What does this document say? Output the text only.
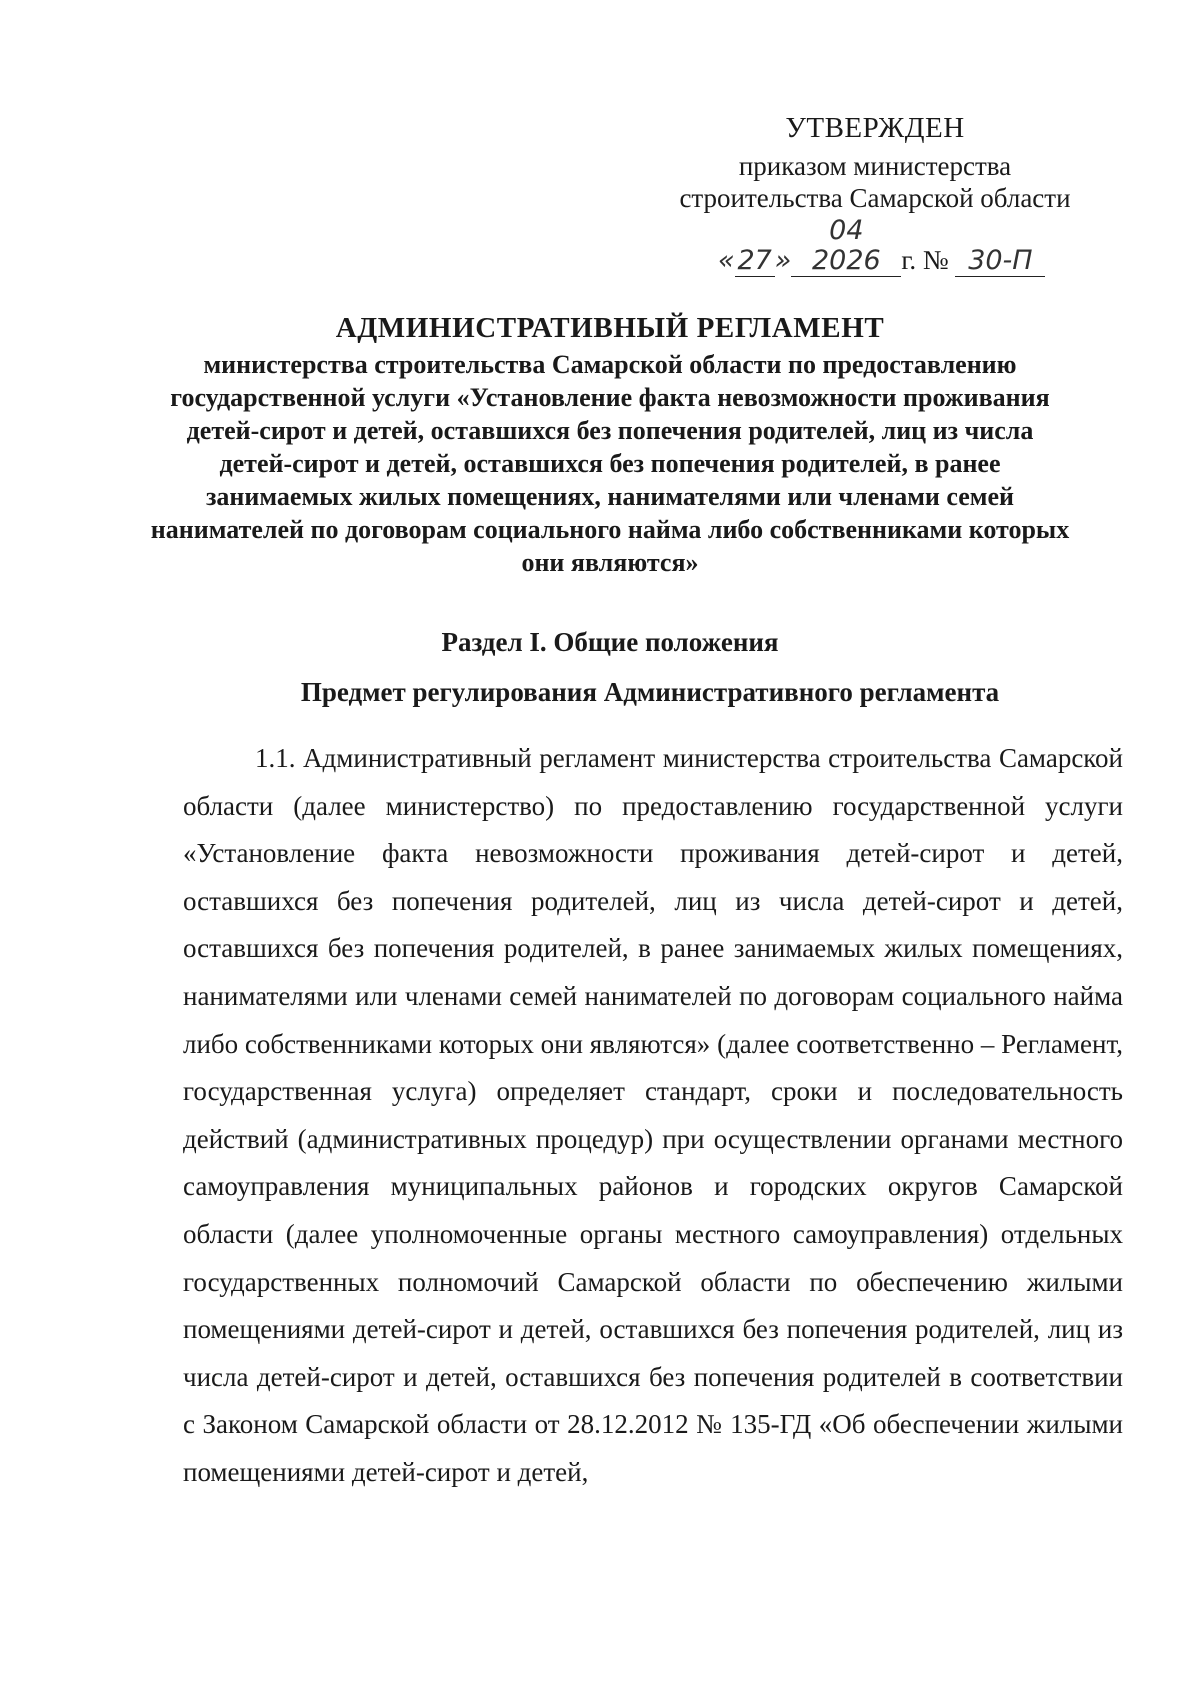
УТВЕРЖДЕН
приказом министерства
строительства Самарской области
« 27 »04 2026 г. № 30-П
АДМИНИСТРАТИВНЫЙ РЕГЛАМЕНТ
министерства строительства Самарской области по предоставлению государственной услуги «Установление факта невозможности проживания детей-сирот и детей, оставшихся без попечения родителей, лиц из числа детей-сирот и детей, оставшихся без попечения родителей, в ранее занимаемых жилых помещениях, нанимателями или членами семей нанимателей по договорам социального найма либо собственниками которых они являются»
Раздел I. Общие положения
Предмет регулирования Административного регламента
1.1. Административный регламент министерства строительства Самарской области (далее министерство) по предоставлению государственной услуги «Установление факта невозможности проживания детей-сирот и детей, оставшихся без попечения родителей, лиц из числа детей-сирот и детей, оставшихся без попечения родителей, в ранее занимаемых жилых помещениях, нанимателями или членами семей нанимателей по договорам социального найма либо собственниками которых они являются» (далее соответственно – Регламент, государственная услуга) определяет стандарт, сроки и последовательность действий (административных процедур) при осуществлении органами местного самоуправления муниципальных районов и городских округов Самарской области (далее уполномоченные органы местного самоуправления) отдельных государственных полномочий Самарской области по обеспечению жилыми помещениями детей-сирот и детей, оставшихся без попечения родителей, лиц из числа детей-сирот и детей, оставшихся без попечения родителей в соответствии с Законом Самарской области от 28.12.2012 № 135-ГД «Об обеспечении жилыми помещениями детей-сирот и детей,
